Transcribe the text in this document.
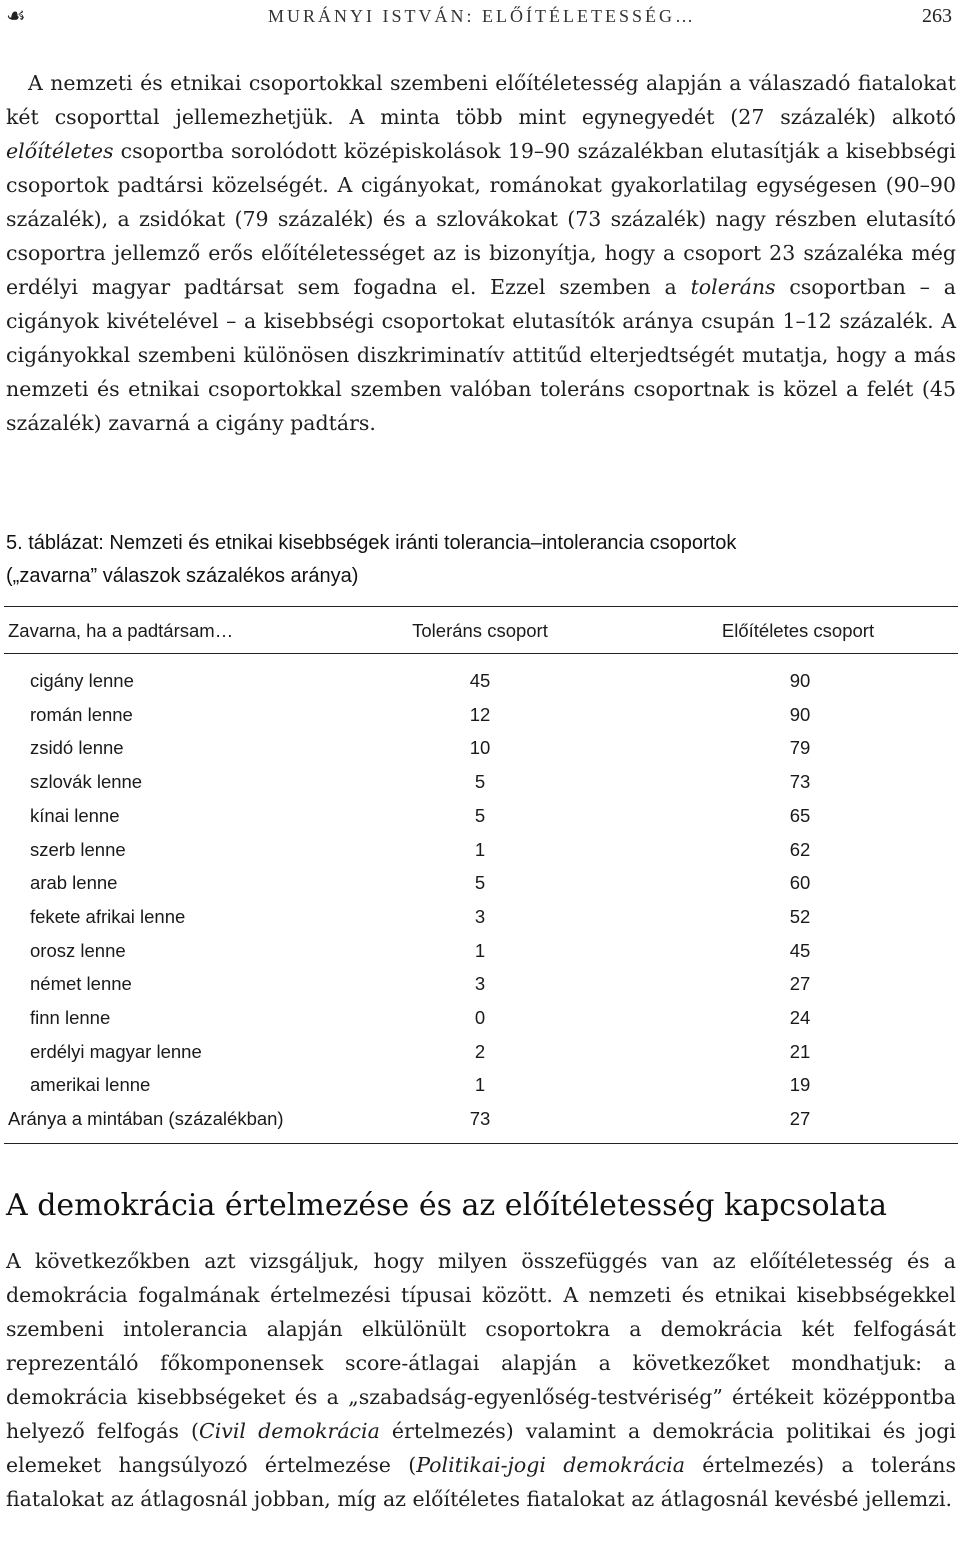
☙	MURÁNYI ISTVÁN: ELŐÍTÉLETESSÉG…	263

A nemzeti és etnikai csoportokkal szembeni előítéletesség alapján a válaszadó fiatalokat két csoporttal jellemezhetjük. A minta több mint egynegyedét (27 százalék) alkotó előítéletes csoportba sorolódott középiskolások 19–90 százalékban elutasítják a kisebbségi csoportok padtársi közelségét. A cigányokat, románokat gyakorlatilag egységesen (90–90 százalék), a zsidókat (79 százalék) és a szlovákokat (73 százalék) nagy részben elutasító csoportra jellemző erős előítéletességet az is bizonyítja, hogy a csoport 23 százaléka még erdélyi magyar padtársat sem fogadna el. Ezzel szemben a toleráns csoportban – a cigányok kivételével – a kisebbségi csoportokat elutasítók aránya csupán 1–12 százalék. A cigányokkal szembeni különösen diszkriminatív attitűd elterjedtségét mutatja, hogy a más nemzeti és etnikai csoportokkal szemben valóban toleráns csoportnak is közel a felét (45 százalék) zavarná a cigány padtárs.

5. táblázat: Nemzeti és etnikai kisebbségek iránti tolerancia–intolerancia csoportok
(„zavarna” válaszok százalékos aránya)
Zavarna, ha a padtársam…	Toleráns csoport	Előítéletes csoport
cigány lenne	45	90
román lenne	12	90
zsidó lenne	10	79
szlovák lenne	5	73
kínai lenne	5	65
szerb lenne	1	62
arab lenne	5	60
fekete afrikai lenne	3	52
orosz lenne	1	45
német lenne	3	27
finn lenne	0	24
erdélyi magyar lenne	2	21
amerikai lenne	1	19
Aránya a mintában (százalékban)	73	27
A demokrácia értelmezése és az előítéletesség kapcsolata

A következőkben azt vizsgáljuk, hogy milyen összefüggés van az előítéletesség és a demokrácia fogalmának értelmezési típusai között. A nemzeti és etnikai kisebbségekkel szembeni intolerancia alapján elkülönült csoportokra a demokrácia két felfogását reprezentáló főkomponensek score-átlagai alapján a következőket mondhatjuk: a demokrácia kisebbségeket és a „szabadság-egyenlőség-testvériség” értékeit középpontba helyező felfogás (Civil demokrácia értelmezés) valamint a demokrácia politikai és jogi elemeket hangsúlyozó értelmezése (Politikai-jogi demokrácia értelmezés) a toleráns fiatalokat az átlagosnál jobban, míg az előítéletes fiatalokat az átlagosnál kevésbé jellemzi.
